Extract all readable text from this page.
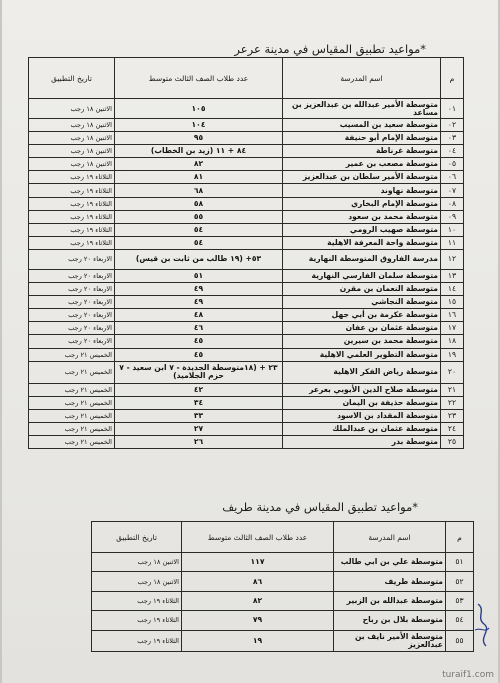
*مواعيد تطبيق المقياس في مدينة عرعر
م	اسم المدرسة	عدد طلاب الصف الثالث متوسط	تاريخ التطبيق
٠١	متوسطة الأمير عبدالله بن عبدالعزيز بن مساعد	١٠٥	الاثنين ١٨ رجب
٠٢	متوسطة سعيد بن المسيب	١٠٤	الاثنين ١٨ رجب
٠٣	متوسطة الإمام أبو حنيفة	٩٥	الاثنين ١٨ رجب
٠٤	متوسطة غرناطة	٨٤ + ١١ (زيد بن الخطاب)	الاثنين ١٨ رجب
٠٥	متوسطة مصعب بن عمير	٨٢	الاثنين ١٨ رجب
٠٦	متوسطة الأمير سلطان بن عبدالعزيز	٨١	الثلاثاء ١٩ رجب
٠٧	متوسطة نهاوند	٦٨	الثلاثاء ١٩ رجب
٠٨	متوسطة الإمام البخاري	٥٨	الثلاثاء ١٩ رجب
٠٩	متوسطة محمد بن سعود	٥٥	الثلاثاء ١٩ رجب
١٠	متوسطة صهيب الرومي	٥٤	الثلاثاء ١٩ رجب
١١	متوسطة واحة المعرفة الاهلية	٥٤	الثلاثاء ١٩ رجب
١٢	مدرسة الفاروق المتوسطة النهارية	٥٣+ (١٩ طالب من ثابت بن قيس)	الاربعاء ٢٠ رجب
١٣	متوسطة سلمان الفارسي النهارية	٥١	الاربعاء ٢٠ رجب
١٤	متوسطة النعمان بن مقرن	٤٩	الاربعاء ٢٠ رجب
١٥	متوسطة النجاشي	٤٩	الاربعاء ٢٠ رجب
١٦	متوسطة عكرمة بن أبي جهل	٤٨	الاربعاء ٢٠ رجب
١٧	متوسطة عثمان بن عفان	٤٦	الاربعاء ٢٠ رجب
١٨	متوسطة محمد بن سيرين	٤٥	الاربعاء ٢٠ رجب
١٩	متوسطة التطوير العلمي الاهلية	٤٥	الخميس ٢١ رجب
٢٠	متوسطة رياض الفكر الاهلية	٢٣ + (١٨متوسطة الجديدة - ٧ ابن سعيد - ٧ حزم الجلاميد)	الخميس ٢١ رجب
٢١	متوسطة صلاح الدين الأيوبي بعرعر	٤٢	الخميس ٢١ رجب
٢٢	متوسطة حذيفة بن اليمان	٣٤	الخميس ٢١ رجب
٢٣	متوسطة المقداد بن الاسود	٣٣	الخميس ٢١ رجب
٢٤	متوسطة عثمان بن عبدالملك	٢٧	الخميس ٢١ رجب
٢٥	متوسطة بدر	٢٦	الخميس ٢١ رجب
*مواعيد تطبيق المقياس في مدينة طريف
م	اسم المدرسة	عدد طلاب الصف الثالث متوسط	تاريخ التطبيق
٥١	متوسطة علي بن ابي طالب	١١٧	الاثنين ١٨ رجب
٥٢	متوسطة طريف	٨٦	الاثنين ١٨ رجب
٥٣	متوسطة عبدالله بن الزبير	٨٢	الثلاثاء ١٩ رجب
٥٤	متوسطة بلال بن رباح	٧٩	الثلاثاء ١٩ رجب
٥٥	متوسطة الأمير نايف بن عبدالعزيز	١٩	الثلاثاء ١٩ رجب
turaif1.com
